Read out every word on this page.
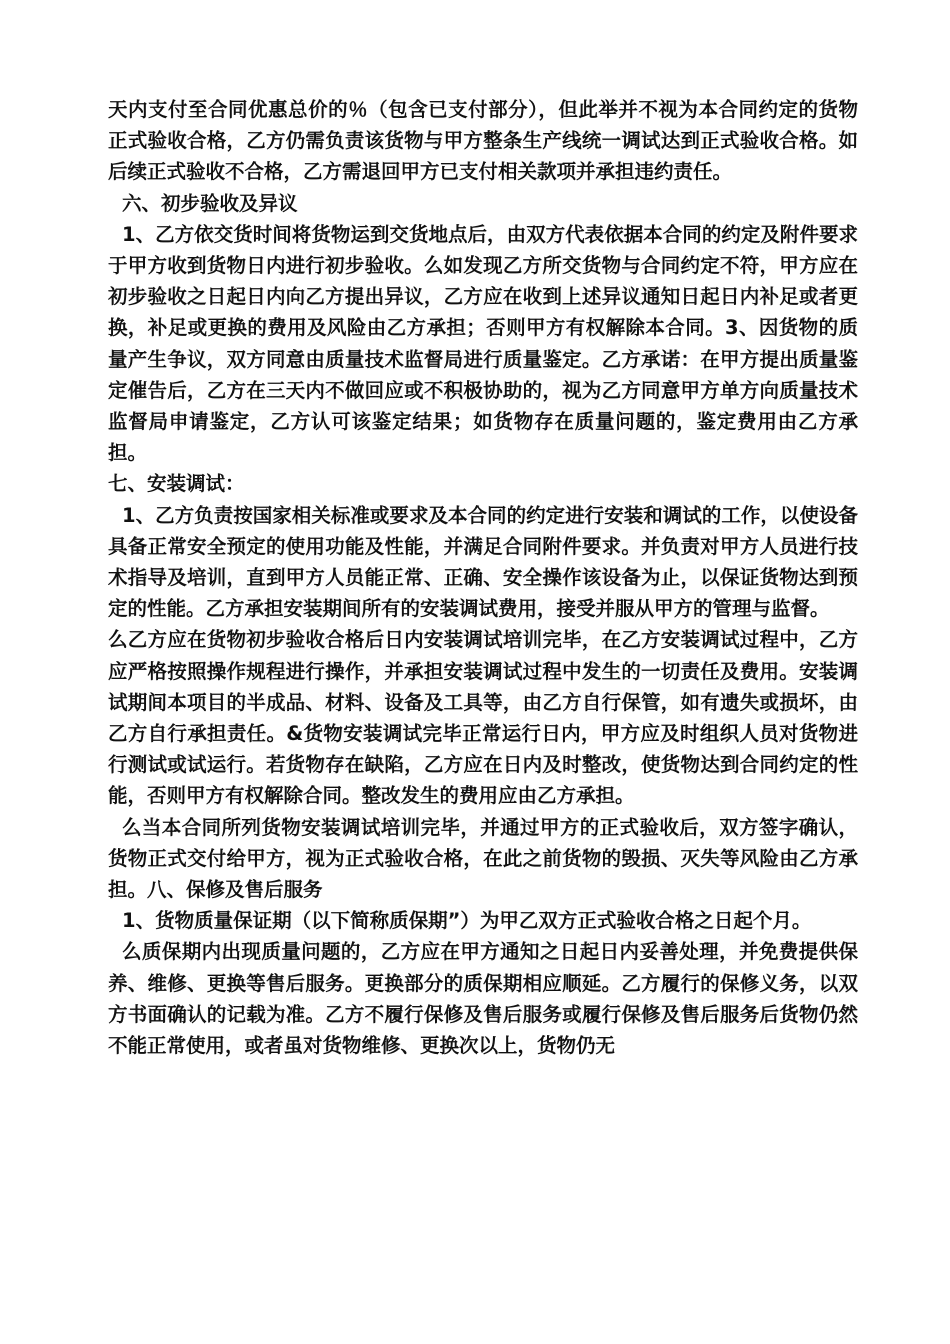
天内支付至合同优惠总价的％（包含已支付部分），但此举并不视为本合同约定的货物正式验收合格，乙方仍需负责该货物与甲方整条生产线统一调试达到正式验收合格。如后续正式验收不合格，乙方需退回甲方已支付相关款项并承担违约责任。

六、初步验收及异议

1、乙方依交货时间将货物运到交货地点后，由双方代表依据本合同的约定及附件要求于甲方收到货物日内进行初步验收。么如发现乙方所交货物与合同约定不符，甲方应在初步验收之日起日内向乙方提出异议，乙方应在收到上述异议通知日起日内补足或者更换，补足或更换的费用及风险由乙方承担；否则甲方有权解除本合同。3、因货物的质量产生争议，双方同意由质量技术监督局进行质量鉴定。乙方承诺：在甲方提出质量鉴定催告后，乙方在三天内不做回应或不积极协助的，视为乙方同意甲方单方向质量技术监督局申请鉴定，乙方认可该鉴定结果；如货物存在质量问题的，鉴定费用由乙方承担。

七、安装调试：

1、乙方负责按国家相关标准或要求及本合同的约定进行安装和调试的工作，以使设备具备正常安全预定的使用功能及性能，并满足合同附件要求。并负责对甲方人员进行技术指导及培训，直到甲方人员能正常、正确、安全操作该设备为止，以保证货物达到预定的性能。乙方承担安装期间所有的安装调试费用，接受并服从甲方的管理与监督。

么乙方应在货物初步验收合格后日内安装调试培训完毕，在乙方安装调试过程中，乙方应严格按照操作规程进行操作，并承担安装调试过程中发生的一切责任及费用。安装调试期间本项目的半成品、材料、设备及工具等，由乙方自行保管，如有遗失或损坏，由乙方自行承担责任。&货物安装调试完毕正常运行日内，甲方应及时组织人员对货物进行测试或试运行。若货物存在缺陷，乙方应在日内及时整改，使货物达到合同约定的性能，否则甲方有权解除合同。整改发生的费用应由乙方承担。

么当本合同所列货物安装调试培训完毕，并通过甲方的正式验收后，双方签字确认，货物正式交付给甲方，视为正式验收合格，在此之前货物的毁损、灭失等风险由乙方承担。八、保修及售后服务

1、货物质量保证期（以下简称质保期”）为甲乙双方正式验收合格之日起个月。

么质保期内出现质量问题的，乙方应在甲方通知之日起日内妥善处理，并免费提供保养、维修、更换等售后服务。更换部分的质保期相应顺延。乙方履行的保修义务，以双方书面确认的记载为准。乙方不履行保修及售后服务或履行保修及售后服务后货物仍然不能正常使用，或者虽对货物维修、更换次以上，货物仍无
